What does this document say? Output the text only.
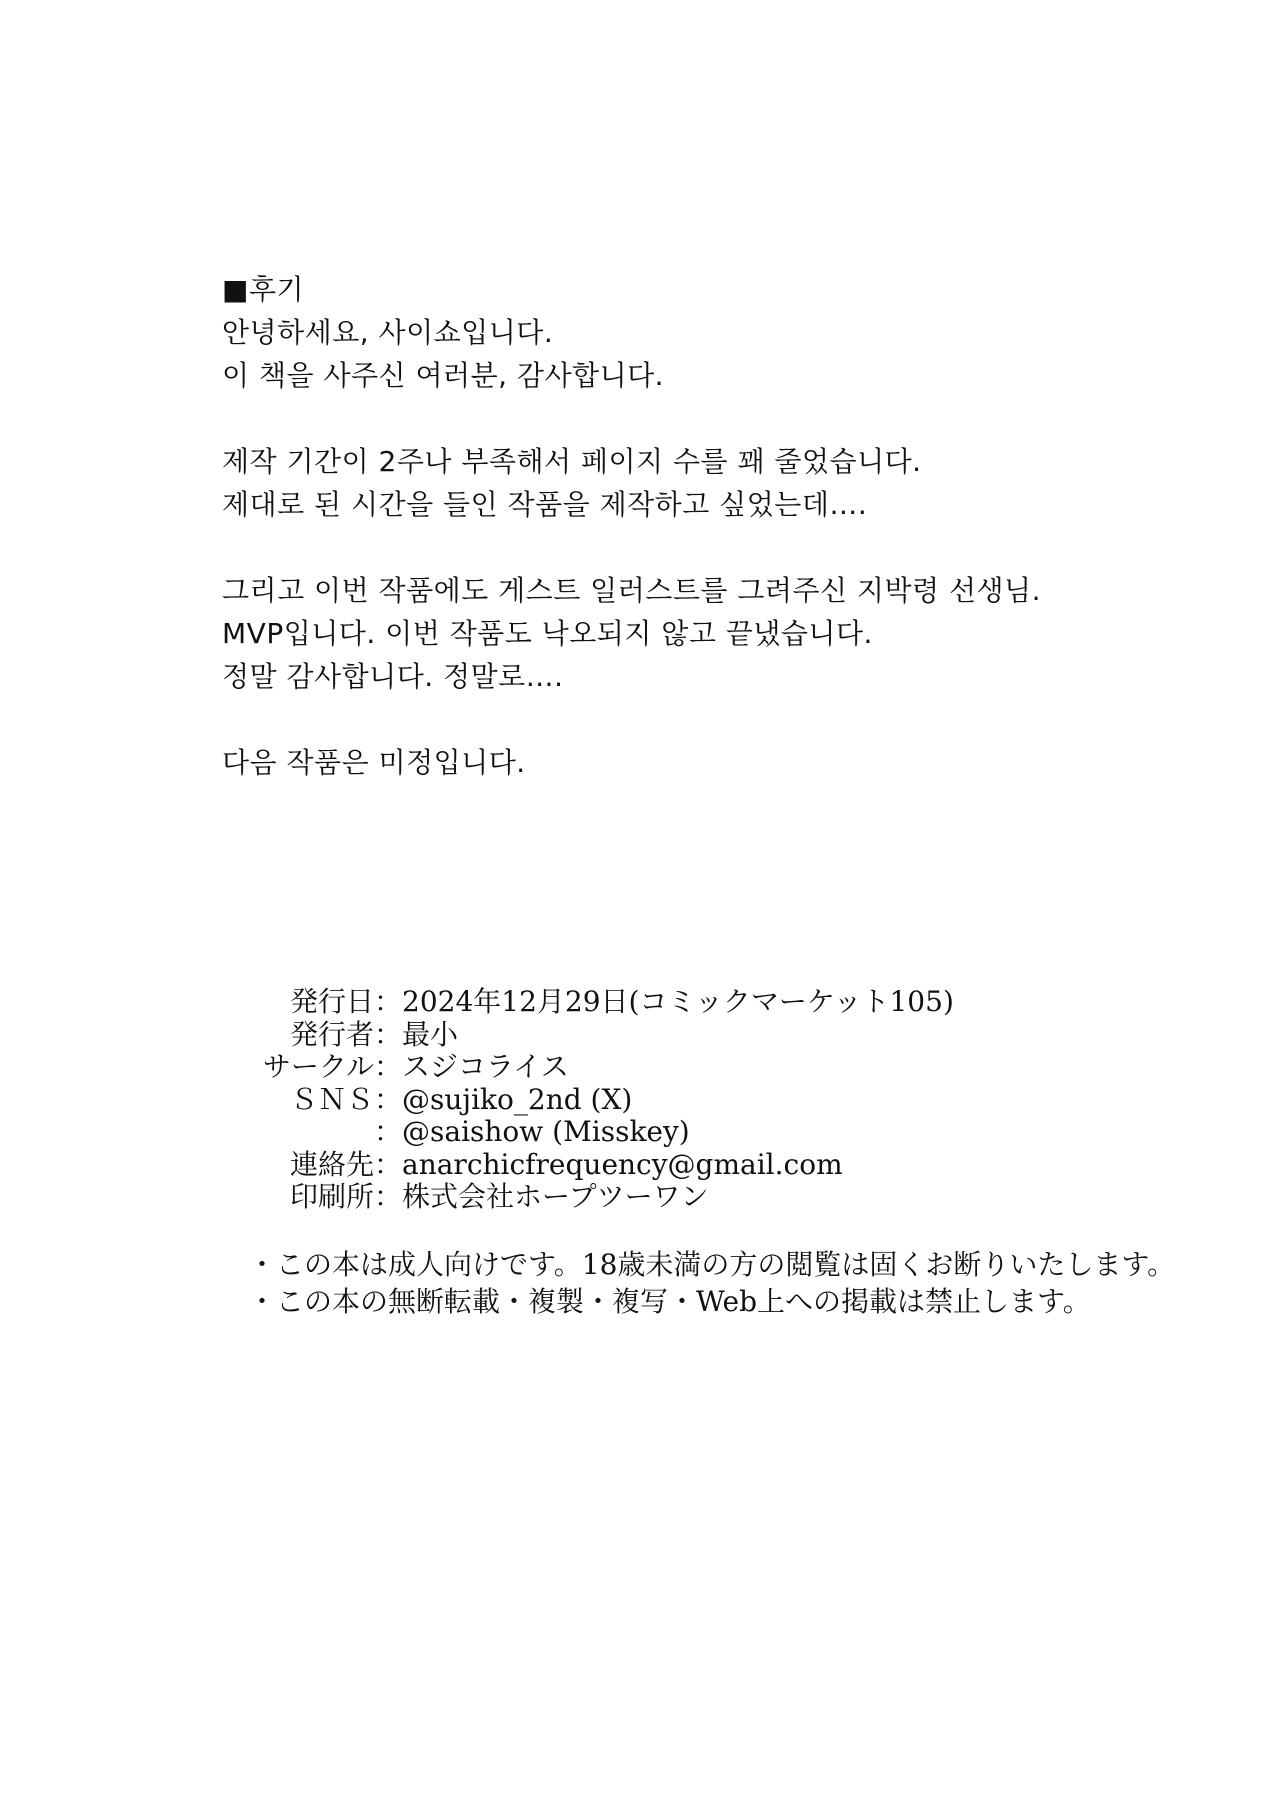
■후기
안녕하세요, 사이쇼입니다.
이 책을 사주신 여러분, 감사합니다.
제작 기간이 2주나 부족해서 페이지 수를 꽤 줄었습니다.
제대로 된 시간을 들인 작품을 제작하고 싶었는데….
그리고 이번 작품에도 게스트 일러스트를 그려주신 지박령 선생님.
MVP입니다. 이번 작품도 낙오되지 않고 끝냈습니다.
정말 감사합니다. 정말로….
다음 작품은 미정입니다.
発行日 ： 2024年12月29日(コミックマーケット105)
発行者 ： 最小
サークル ： スジコライス
ＳＮＳ ： @sujiko_2nd (X)
： @saishow (Misskey)
連絡先 ： anarchicfrequency@gmail.com
印刷所 ： 株式会社ホープツーワン
・この本は成人向けです。18歳未満の方の閲覧は固くお断りいたします。
・この本の無断転載・複製・複写・Web上への掲載は禁止します。
